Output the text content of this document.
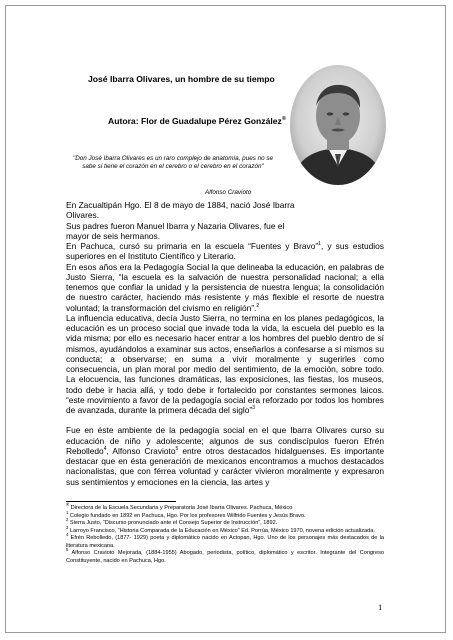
José Ibarra Olivares, un hombre de su tiempo
Autora: Flor de Guadalupe Pérez González®
"Don José Ibarra Olivares es un raro complejo de anatomía, pues no se sabe si tiene el corazón en el cerebro o el cerebro en el corazón"
Alfonso Cravioto

En Zacualtipán Hgo. El 8 de mayo de 1884, nació José Ibarra Olivares.

Sus padres fueron Manuel Ibarra y Nazaria Olivares, fue el mayor de seis hermanos.

En Pachuca, cursó su primaria en la escuela “Fuentes y Bravo”$^1$, y sus estudios superiores en el Instituto Científico y Literario.

En esos años era la Pedagogía Social la que delineaba la educación, en palabras de Justo Sierra, “la escuela es la salvación de nuestra personalidad nacional; a ella tenemos que confiar la unidad y la persistencia de nuestra lengua; la consolidación de nuestro carácter, haciendo más resistente y más flexible el resorte de nuestra voluntad; la transformación del civismo en religión”.$^2$

La influencia educativa, decía Justo Sierra, no termina en los planes pedagógicos, la educación es un proceso social que invade toda la vida, la escuela del pueblo es la vida misma; por ello es necesario hacer entrar a los hombres del pueblo dentro de sí mismos, ayudándolos a examinar sus actos, enseñarlos a confesarse a sí mismos su conducta; a observarse; en suma a vivir moralmente y sugerirles como consecuencia, un plan moral por medio del sentimiento, de la emoción, sobre todo. La elocuencia, las funciones dramáticas, las exposiciones, las fiestas, los museos, todo debe ir hacia allá, y todo debe ir fortalecido por constantes sermones laicos. “este movimiento a favor de la pedagogía social era reforzado por todos los hombres de avanzada, durante la primera década del siglo”$^3$

Fue en éste ambiente de la pedagogía social en el que Ibarra Olivares curso su educación de niño y adolescente; algunos de sus condiscípulos fueron Efrén Rebolledo$^4$, Alfonso Cravioto$^5$ entre otros destacados hidalguenses. Es importante destacar que en ésta generación de mexicanos encontramos a muchos destacados nacionalistas, que con férrea voluntad y carácter vivieron moralmente y expresaron sus sentimientos y emociones en la ciencia, las artes y

® Directora de la Escuela Secundaria y Preparatoria José Ibarra Olivares. Pachuca, México
$^1$ Colegio fundado en 1892 en Pachuca, Hgo. Por los profesores Wilfrido Fuentes y Jesús Bravo.
$^2$ Sierra Justo, “Discurso pronunciado ante el Consejo Superior de Instrucción”, 1892.
$^3$ Larroyo Francisco, “Historia Comparada de la Educación en México” Ed. Porrúa, México 1970, novena edición actualizada.
$^4$ Efrén Rebolledo, (1877- 1929) poeta y diplomático nacido en Actopan, Hgo. Uno de los personajes más destacados de la literatura mexicana.
$^5$ Alfonso Cravioto Mejorada, (1884-1955) Abogado, periodista, político, diplomático y escritor. Integrante del Congreso Constituyente, nacido en Pachuca, Hgo.
1
